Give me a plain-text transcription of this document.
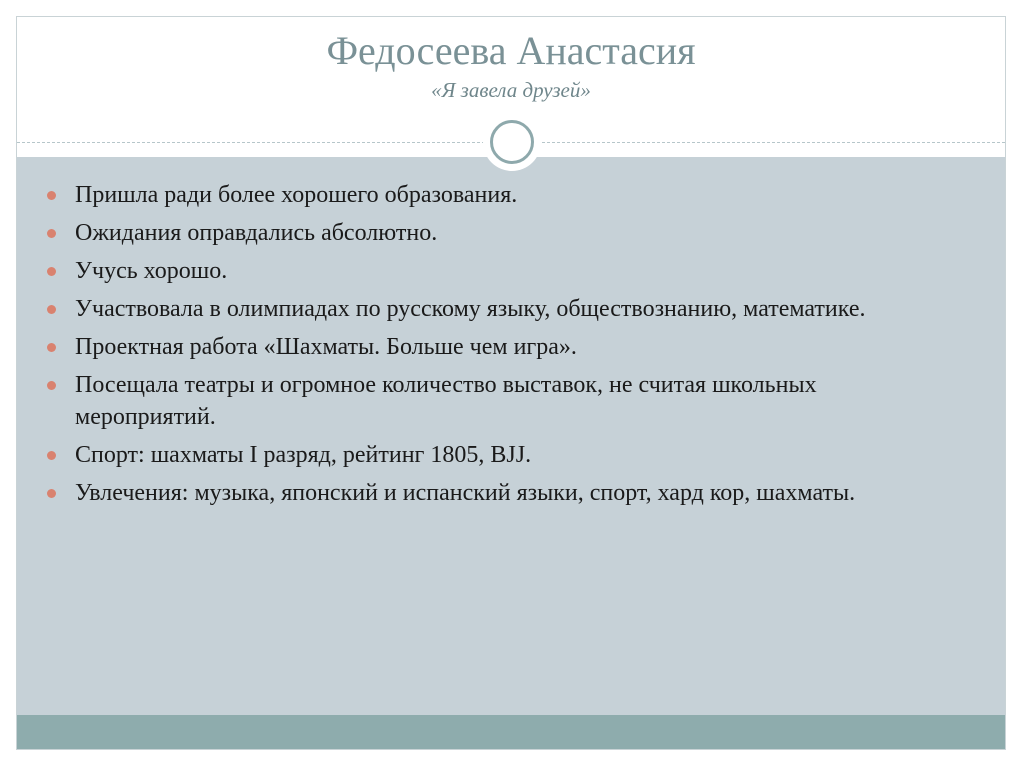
Федосеева Анастасия
«Я завела друзей»
Пришла ради более хорошего образования.
Ожидания оправдались абсолютно.
Учусь хорошо.
Участвовала в олимпиадах по русскому языку, обществознанию, математике.
Проектная работа «Шахматы. Больше чем игра».
Посещала театры и огромное количество выставок, не считая школьных мероприятий.
Спорт: шахматы I разряд, рейтинг 1805, BJJ.
Увлечения: музыка, японский и испанский языки, спорт, хард кор, шахматы.
